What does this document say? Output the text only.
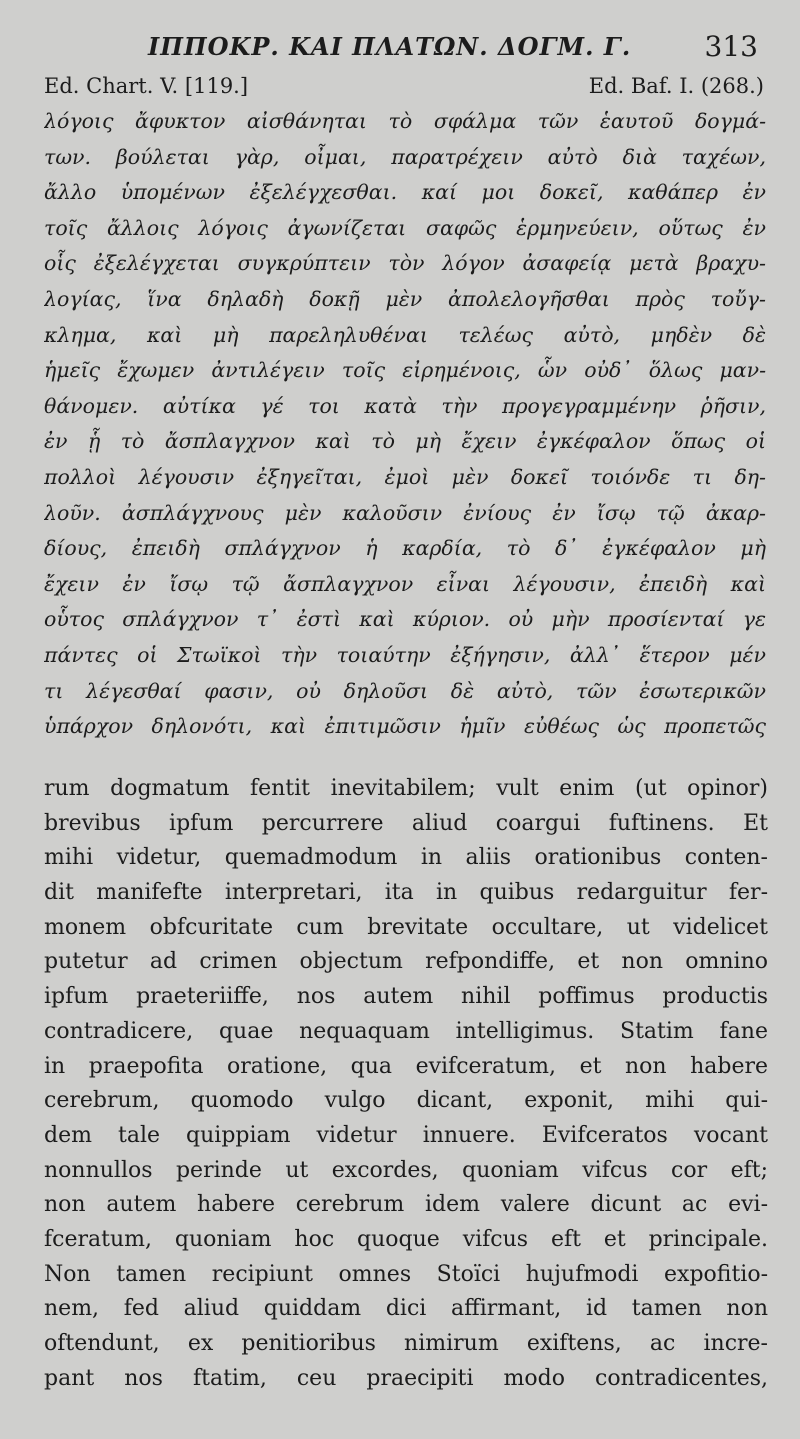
ΙΠΠΟΚΡ. ΚΑΙ ΠΛΑΤΩΝ. ΔΟΓΜ. Γ.	313
Ed. Chart. V. [119.]	Ed. Baf. I. (268.)
λόγοις ἄφυκτον αἰσθάνηται τὸ σφάλμα τῶν ἑαυτοῦ δογμά-
των. βούλεται γὰρ, οἶμαι, παρατρέχειν αὐτὸ διὰ ταχέων,
ἄλλο ὑπομένων ἐξελέγχεσθαι. καί μοι δοκεῖ, καθάπερ ἐν
τοῖς ἄλλοις λόγοις ἀγωνίζεται σαφῶς ἑρμηνεύειν, οὕτως ἐν
οἷς ἐξελέγχεται συγκρύπτειν τὸν λόγον ἀσαφείᾳ μετὰ βραχυ-
λογίας, ἵνα δηλαδὴ δοκῇ μὲν ἀπολελογῆσθαι πρὸς τοὔγ-
κλημα, καὶ μὴ παρεληλυθέναι τελέως αὐτὸ, μηδὲν δὲ
ἡμεῖς ἔχωμεν ἀντιλέγειν τοῖς εἰρημένοις, ὧν οὐδ᾽ ὅλως μαν-
θάνομεν. αὐτίκα γέ τοι κατὰ τὴν προγεγραμμένην ῥῆσιν,
ἐν ᾗ τὸ ἄσπλαγχνον καὶ τὸ μὴ ἔχειν ἐγκέφαλον ὅπως οἱ
πολλοὶ λέγουσιν ἐξηγεῖται, ἐμοὶ μὲν δοκεῖ τοιόνδε τι δη-
λοῦν. ἀσπλάγχνους μὲν καλοῦσιν ἐνίους ἐν ἴσῳ τῷ ἀκαρ-
δίους, ἐπειδὴ σπλάγχνον ἡ καρδία, τὸ δ᾽ ἐγκέφαλον μὴ
ἔχειν ἐν ἴσῳ τῷ ἄσπλαγχνον εἶναι λέγουσιν, ἐπειδὴ καὶ
οὗτος σπλάγχνον τ᾽ ἐστὶ καὶ κύριον. οὐ μὴν προσίενταί γε
πάντες οἱ Στωϊκοὶ τὴν τοιαύτην ἐξήγησιν, ἀλλ᾽ ἕτερον μέν
τι λέγεσθαί φασιν, οὐ δηλοῦσι δὲ αὐτὸ, τῶν ἐσωτερικῶν
ὑπάρχον δηλονότι, καὶ ἐπιτιμῶσιν ἡμῖν εὐθέως ὡς προπετῶς
rum dogmatum fentit inevitabilem; vult enim (ut opinor)
brevibus ipfum percurrere aliud coargui fuftinens. Et
mihi videtur, quemadmodum in aliis orationibus conten-
dit manifefte interpretari, ita in quibus redarguitur fer-
monem obfcuritate cum brevitate occultare, ut videlicet
putetur ad crimen objectum refpondiffe, et non omnino
ipfum praeteriiffe, nos autem nihil poffimus productis
contradicere, quae nequaquam intelligimus. Statim fane
in praepofita oratione, qua evifceratum, et non habere
cerebrum, quomodo vulgo dicant, exponit, mihi qui-
dem tale quippiam videtur innuere. Evifceratos vocant
nonnullos perinde ut excordes, quoniam vifcus cor eft;
non autem habere cerebrum idem valere dicunt ac evi-
fceratum, quoniam hoc quoque vifcus eft et principale.
Non tamen recipiunt omnes Stoïci hujufmodi expofitio-
nem, fed aliud quiddam dici affirmant, id tamen non
oftendunt, ex penitioribus nimirum exiftens, ac incre-
pant nos ftatim, ceu praecipiti modo contradicentes,
